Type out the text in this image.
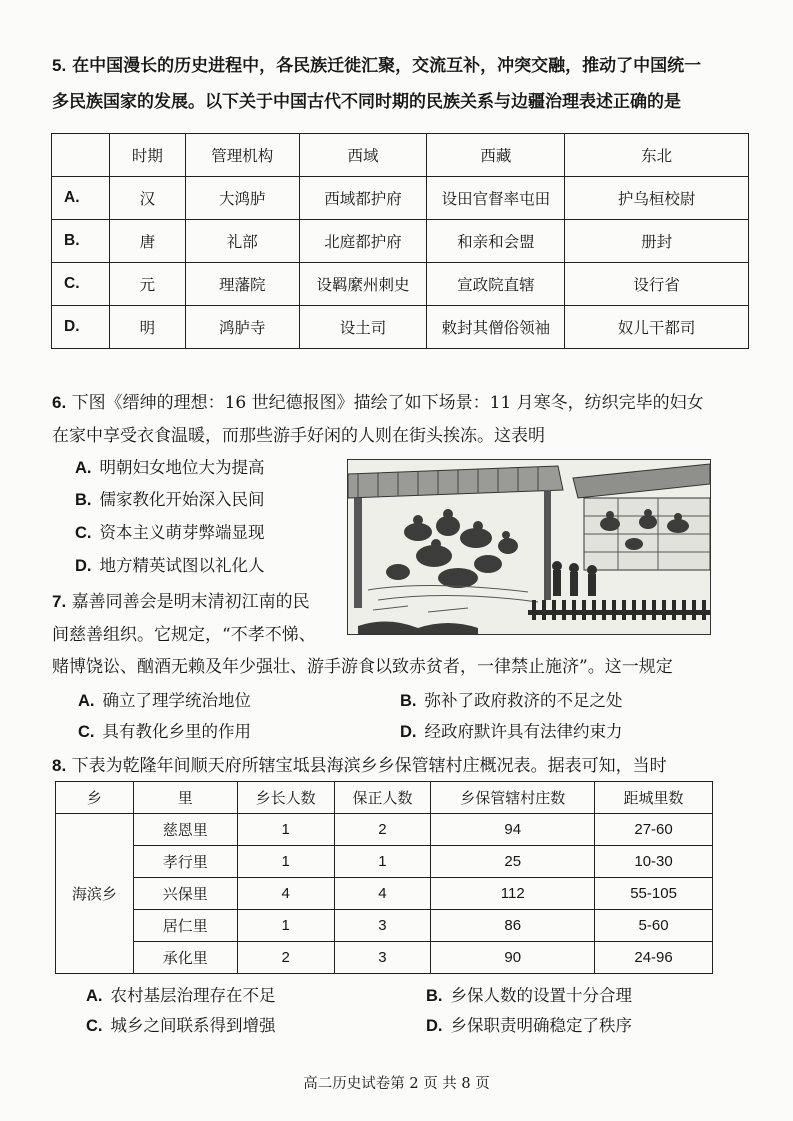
5. 在中国漫长的历史进程中，各民族迁徙汇聚，交流互补，冲突交融，推动了中国统一
多民族国家的发展。以下关于中国古代不同时期的民族关系与边疆治理表述正确的是
	时期	管理机构	西域	西藏	东北
A.	汉	大鸿胪	西域都护府	设田官督率屯田	护乌桓校尉
B.	唐	礼部	北庭都护府	和亲和会盟	册封
C.	元	理藩院	设羁縻州刺史	宣政院直辖	设行省
D.	明	鸿胪寺	设土司	敕封其僧俗领袖	奴儿干都司
6. 下图《缙绅的理想：16 世纪德报图》描绘了如下场景：11 月寒冬，纺织完毕的妇女
在家中享受衣食温暖，而那些游手好闲的人则在街头挨冻。这表明
A. 明朝妇女地位大为提高
B. 儒家教化开始深入民间
C. 资本主义萌芽弊端显现
D. 地方精英试图以礼化人
7. 嘉善同善会是明末清初江南的民
间慈善组织。它规定，“不孝不悌、
赌博饶讼、酗酒无赖及年少强壮、游手游食以致赤贫者，一律禁止施济”。这一规定
A. 确立了理学统治地位	B. 弥补了政府救济的不足之处
C. 具有教化乡里的作用	D. 经政府默许具有法律约束力
8. 下表为乾隆年间顺天府所辖宝坻县海滨乡乡保管辖村庄概况表。据表可知，当时
乡	里	乡长人数	保正人数	乡保管辖村庄数	距城里数
海滨乡	慈恩里	1	2	94	27-60
	孝行里	1	1	25	10-30
	兴保里	4	4	112	55-105
	居仁里	1	3	86	5-60
	承化里	2	3	90	24-96
A. 农村基层治理存在不足	B. 乡保人数的设置十分合理
C. 城乡之间联系得到增强	D. 乡保职责明确稳定了秩序
高二历史试卷第 2 页 共 8 页
